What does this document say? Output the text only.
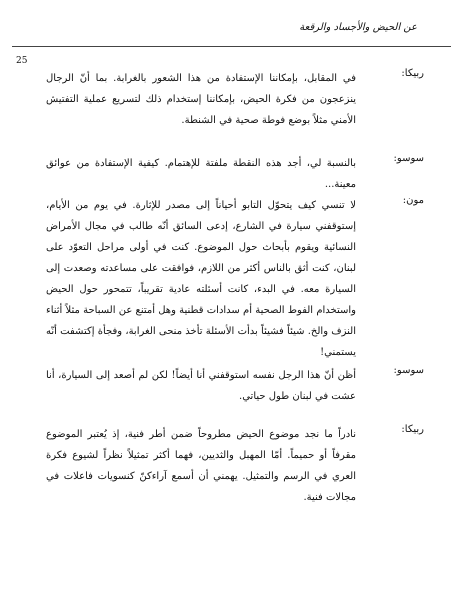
عن الحيض والأجساد والرقعة
25
ربيكا:
في المقابل، بإمكاننا الإستفادة من هذا الشعور بالغرابة. بما أنّ الرجال ينزعجون من فكرة الحيض، بإمكاننا إستخدام ذلك لتسريع عملية التفتيش الأمني مثلاً بوضع فوطة صحية في الشنطة.
سوسو:
بالنسبة لي، أجد هذه النقطة ملفتة للإهتمام. كيفية الإستفادة من عوائق معينة...
مون:
لا تنسي كيف يتحوّل التابو أحياناً إلى مصدر للإثارة. في يوم من الأيام، إستوقفني سيارة في الشارع، إدعى السائق أنّه طالب في مجال الأمراض النسائية ويقوم بأبحاث حول الموضوع. كنت في أولى مراحل التعوّد على لبنان، كنت أثق بالناس أكثر من اللازم، فوافقت على مساعدته وصعدت إلى السيارة معه. في البدء، كانت أسئلته عادية تقريباً، تتمحور حول الحيض واستخدام الفوط الصحية أم سدادات قطنية وهل أمتنع عن السباحة مثلاً أثناء النزف والخ. شيئاً فشيئاً بدأت الأسئلة تأخذ منحى الغرابة، وفجأة إكتشفت أنّه يستمني!
سوسو:
أظن أنّ هذا الرجل نفسه استوقفني أنا أيضاً! لكن لم أصعد إلى السيارة، أنا عشت في لبنان طول حياتي.
ربيكا:
نادراً ما نجد موضوع الحيض مطروحاً ضمن أطر فنية، إذ يُعتبر الموضوع مقرفاً أو حميماً. أمّا المهبل والثديين، فهما أكثر تمثيلاً نظراً لشيوع فكرة العري في الرسم والتمثيل. يهمني أن أسمع آراءكنّ كنسويات فاعلات في مجالات فنية.
